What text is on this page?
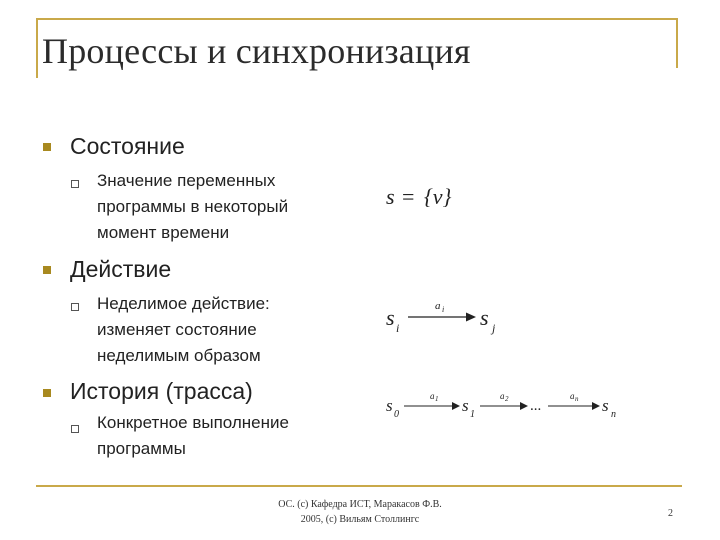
Процессы и синхронизация
Состояние
Значение переменных
программы в некоторый
момент времени
s = {v}
Действие
Неделимое действие:
изменяет состояние
неделимым образом
s i
a i s j
История (трасса)
Конкретное выполнение
программы
s 0
a 1 s 1
a 2 ...
a n s n
ОС. (с) Кафедра ИСТ, Маракасов Ф.В.
2005, (с) Вильям Столлингс
2
